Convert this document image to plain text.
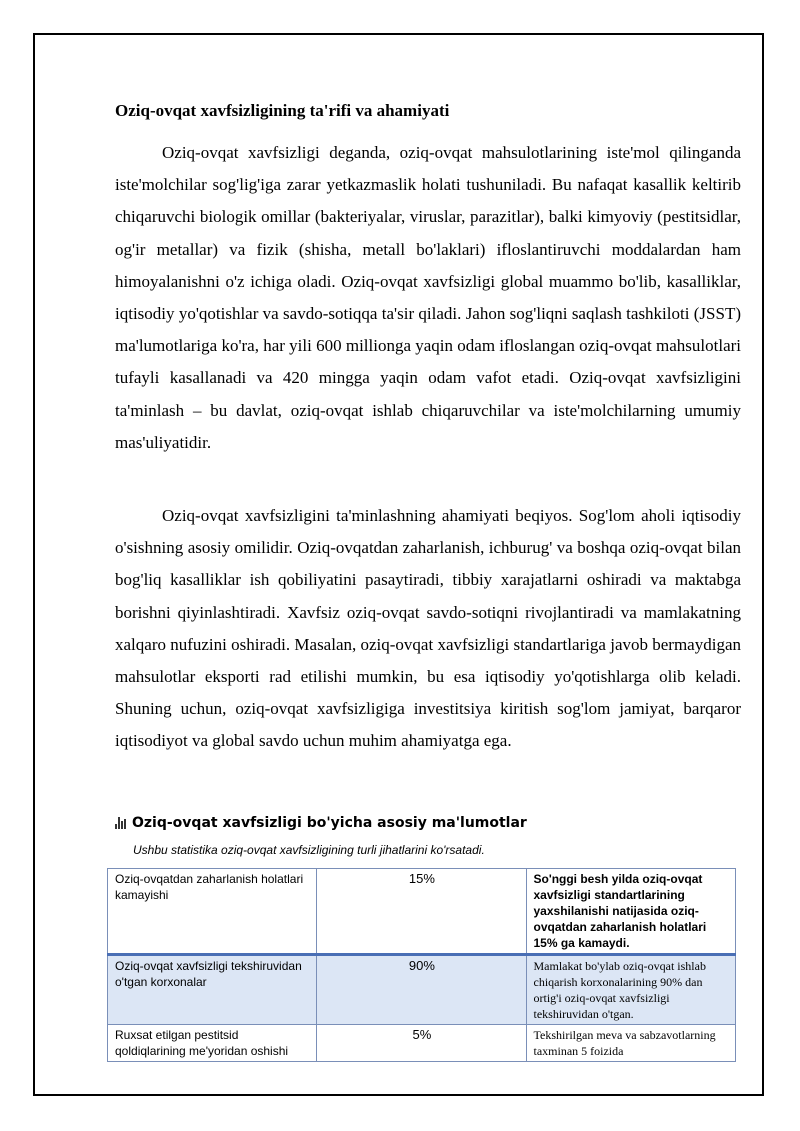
Oziq-ovqat xavfsizligining ta'rifi va ahamiyati

Oziq-ovqat xavfsizligi deganda, oziq-ovqat mahsulotlarining iste'mol qilinganda iste'molchilar sog'lig'iga zarar yetkazmaslik holati tushuniladi. Bu nafaqat kasallik keltirib chiqaruvchi biologik omillar (bakteriyalar, viruslar, parazitlar), balki kimyoviy (pestitsidlar, og'ir metallar) va fizik (shisha, metall bo'laklari) ifloslantiruvchi moddalardan ham himoyalanishni o'z ichiga oladi. Oziq-ovqat xavfsizligi global muammo bo'lib, kasalliklar, iqtisodiy yo'qotishlar va savdo-sotiqqa ta'sir qiladi. Jahon sog'liqni saqlash tashkiloti (JSST) ma'lumotlariga ko'ra, har yili 600 millionga yaqin odam ifloslangan oziq-ovqat mahsulotlari tufayli kasallanadi va 420 mingga yaqin odam vafot etadi. Oziq-ovqat xavfsizligini ta'minlash – bu davlat, oziq-ovqat ishlab chiqaruvchilar va iste'molchilarning umumiy mas'uliyatidir.

Oziq-ovqat xavfsizligini ta'minlashning ahamiyati beqiyos. Sog'lom aholi iqtisodiy o'sishning asosiy omilidir. Oziq-ovqatdan zaharlanish, ichburug' va boshqa oziq-ovqat bilan bog'liq kasalliklar ish qobiliyatini pasaytiradi, tibbiy xarajatlarni oshiradi va maktabga borishni qiyinlashtiradi. Xavfsiz oziq-ovqat savdo-sotiqni rivojlantiradi va mamlakatning xalqaro nufuzini oshiradi. Masalan, oziq-ovqat xavfsizligi standartlariga javob bermaydigan mahsulotlar eksporti rad etilishi mumkin, bu esa iqtisodiy yo'qotishlarga olib keladi. Shuning uchun, oziq-ovqat xavfsizligiga investitsiya kiritish sog'lom jamiyat, barqaror iqtisodiyot va global savdo uchun muhim ahamiyatga ega.

Oziq-ovqat xavfsizligi bo'yicha asosiy ma'lumotlar
Ushbu statistika oziq-ovqat xavfsizligining turli jihatlarini ko'rsatadi.
Oziq-ovqatdan zaharlanish holatlari kamayishi	15%	So'nggi besh yilda oziq-ovqat xavfsizligi standartlarining yaxshilanishi natijasida oziq-ovqatdan zaharlanish holatlari 15% ga kamaydi.
Oziq-ovqat xavfsizligi tekshiruvidan o'tgan korxonalar	90%	Mamlakat bo'ylab oziq-ovqat ishlab chiqarish korxonalarining 90% dan ortig'i oziq-ovqat xavfsizligi tekshiruvidan o'tgan.
Ruxsat etilgan pestitsid qoldiqlarining me'yoridan oshishi	5%	Tekshirilgan meva va sabzavotlarning taxminan 5 foizida
